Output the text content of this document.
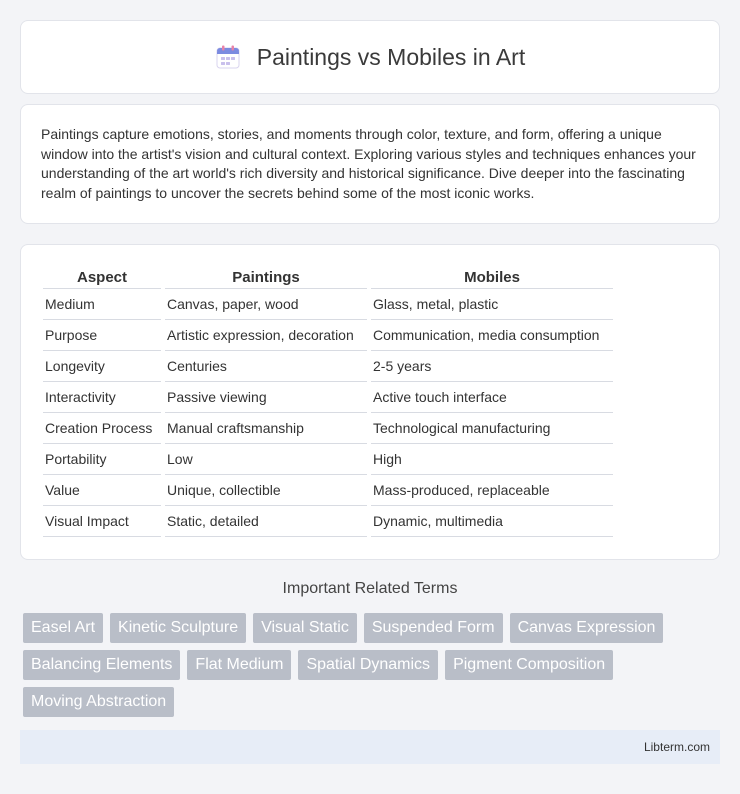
Paintings vs Mobiles in Art

Paintings capture emotions, stories, and moments through color, texture, and form, offering a unique window into the artist's vision and cultural context. Exploring various styles and techniques enhances your understanding of the art world's rich diversity and historical significance. Dive deeper into the fascinating realm of paintings to uncover the secrets behind some of the most iconic works.

Aspect	Paintings	Mobiles
Medium	Canvas, paper, wood	Glass, metal, plastic
Purpose	Artistic expression, decoration	Communication, media consumption
Longevity	Centuries	2-5 years
Interactivity	Passive viewing	Active touch interface
Creation Process	Manual craftsmanship	Technological manufacturing
Portability	Low	High
Value	Unique, collectible	Mass-produced, replaceable
Visual Impact	Static, detailed	Dynamic, multimedia
Important Related Terms
Easel Art	Kinetic Sculpture	Visual Static	Suspended Form	Canvas Expression
Balancing Elements	Flat Medium	Spatial Dynamics	Pigment Composition
Moving Abstraction
Libterm.com
